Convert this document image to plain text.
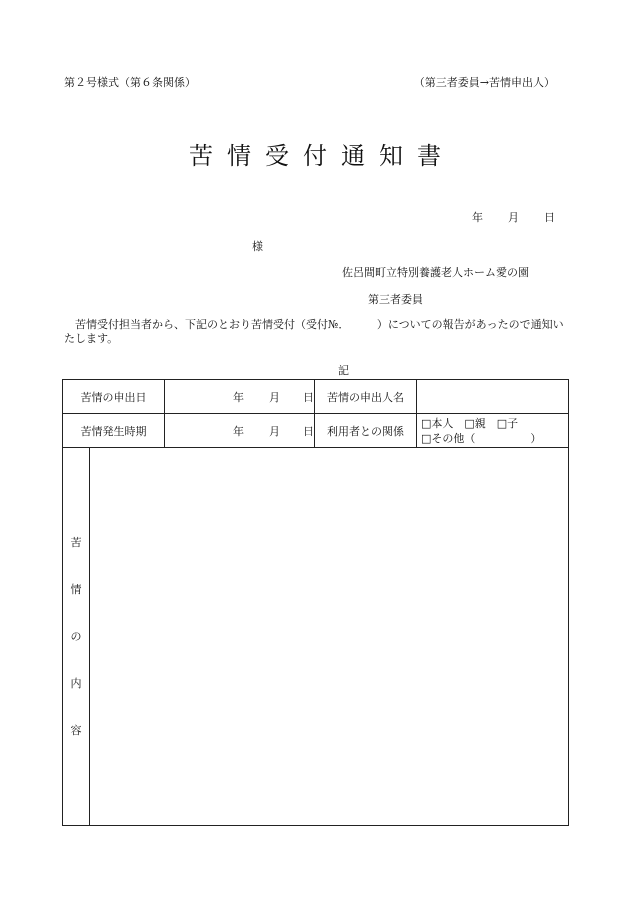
第２号様式（第６条関係）	（第三者委員→苦情申出人）
苦情受付通知書
年 月 日
様
佐呂間町立特別養護老人ホーム愛の園
第三者委員
苦情受付担当者から、下記のとおり苦情受付（受付№．　　　）についての報告があったので通知いたします。
記
苦情の申出日		年 月 日	苦情の申出人名	
苦情発生時期		年 月 日	利用者との関係	□本人　□親　□子
□その他（　　　　　）

苦
情
の
内
容				
